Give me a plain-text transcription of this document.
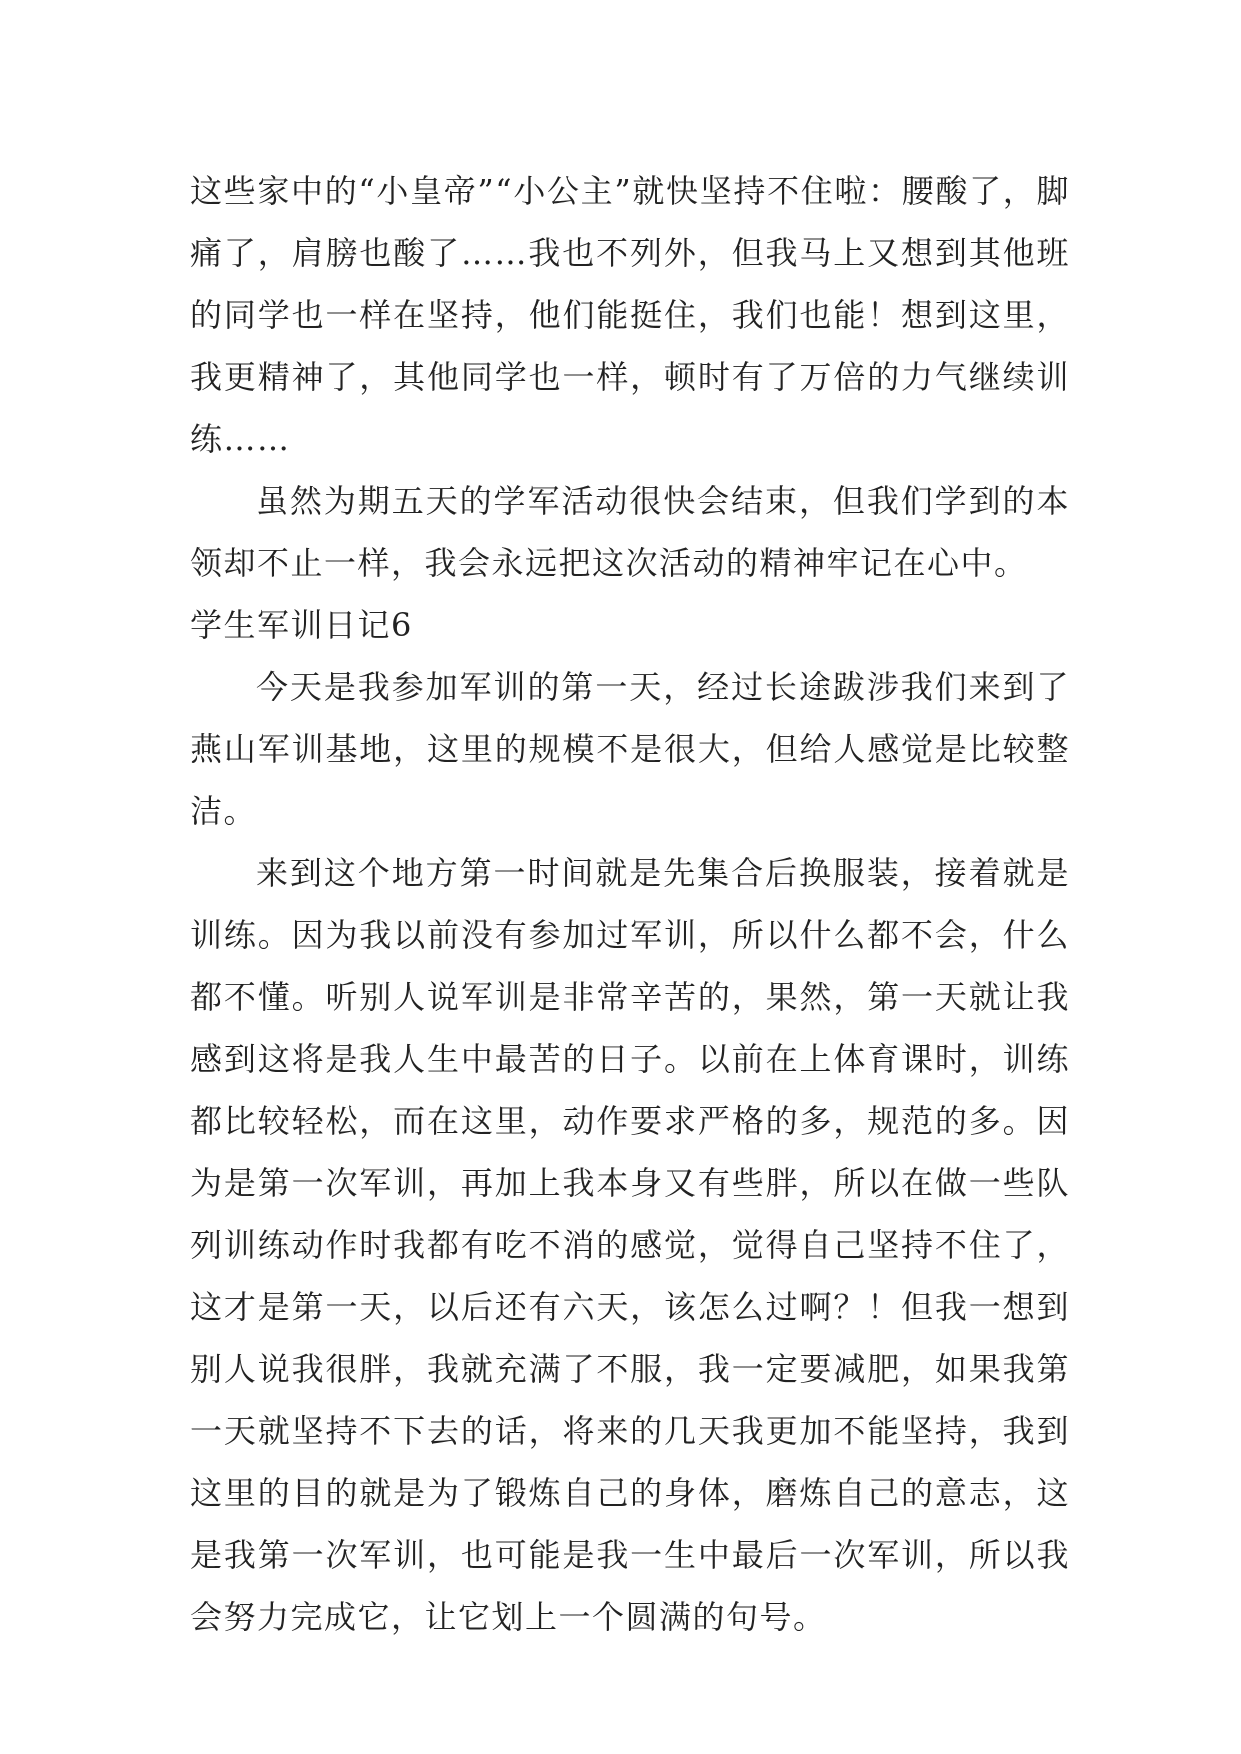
这些家中的“小皇帝”“小公主”就快坚持不住啦：腰酸了，脚痛了，肩膀也酸了……我也不列外，但我马上又想到其他班的同学也一样在坚持，他们能挺住，我们也能！想到这里，我更精神了，其他同学也一样，顿时有了万倍的力气继续训练……

虽然为期五天的学军活动很快会结束，但我们学到的本领却不止一样，我会永远把这次活动的精神牢记在心中。

学生军训日记6

今天是我参加军训的第一天，经过长途跋涉我们来到了燕山军训基地，这里的规模不是很大，但给人感觉是比较整洁。

来到这个地方第一时间就是先集合后换服装，接着就是训练。因为我以前没有参加过军训，所以什么都不会，什么都不懂。听别人说军训是非常辛苦的，果然，第一天就让我感到这将是我人生中最苦的日子。以前在上体育课时，训练都比较轻松，而在这里，动作要求严格的多，规范的多。因为是第一次军训，再加上我本身又有些胖，所以在做一些队列训练动作时我都有吃不消的感觉，觉得自己坚持不住了，这才是第一天，以后还有六天，该怎么过啊？！但我一想到别人说我很胖，我就充满了不服，我一定要减肥，如果我第一天就坚持不下去的话，将来的几天我更加不能坚持，我到这里的目的就是为了锻炼自己的身体，磨炼自己的意志，这是我第一次军训，也可能是我一生中最后一次军训，所以我会努力完成它，让它划上一个圆满的句号。
